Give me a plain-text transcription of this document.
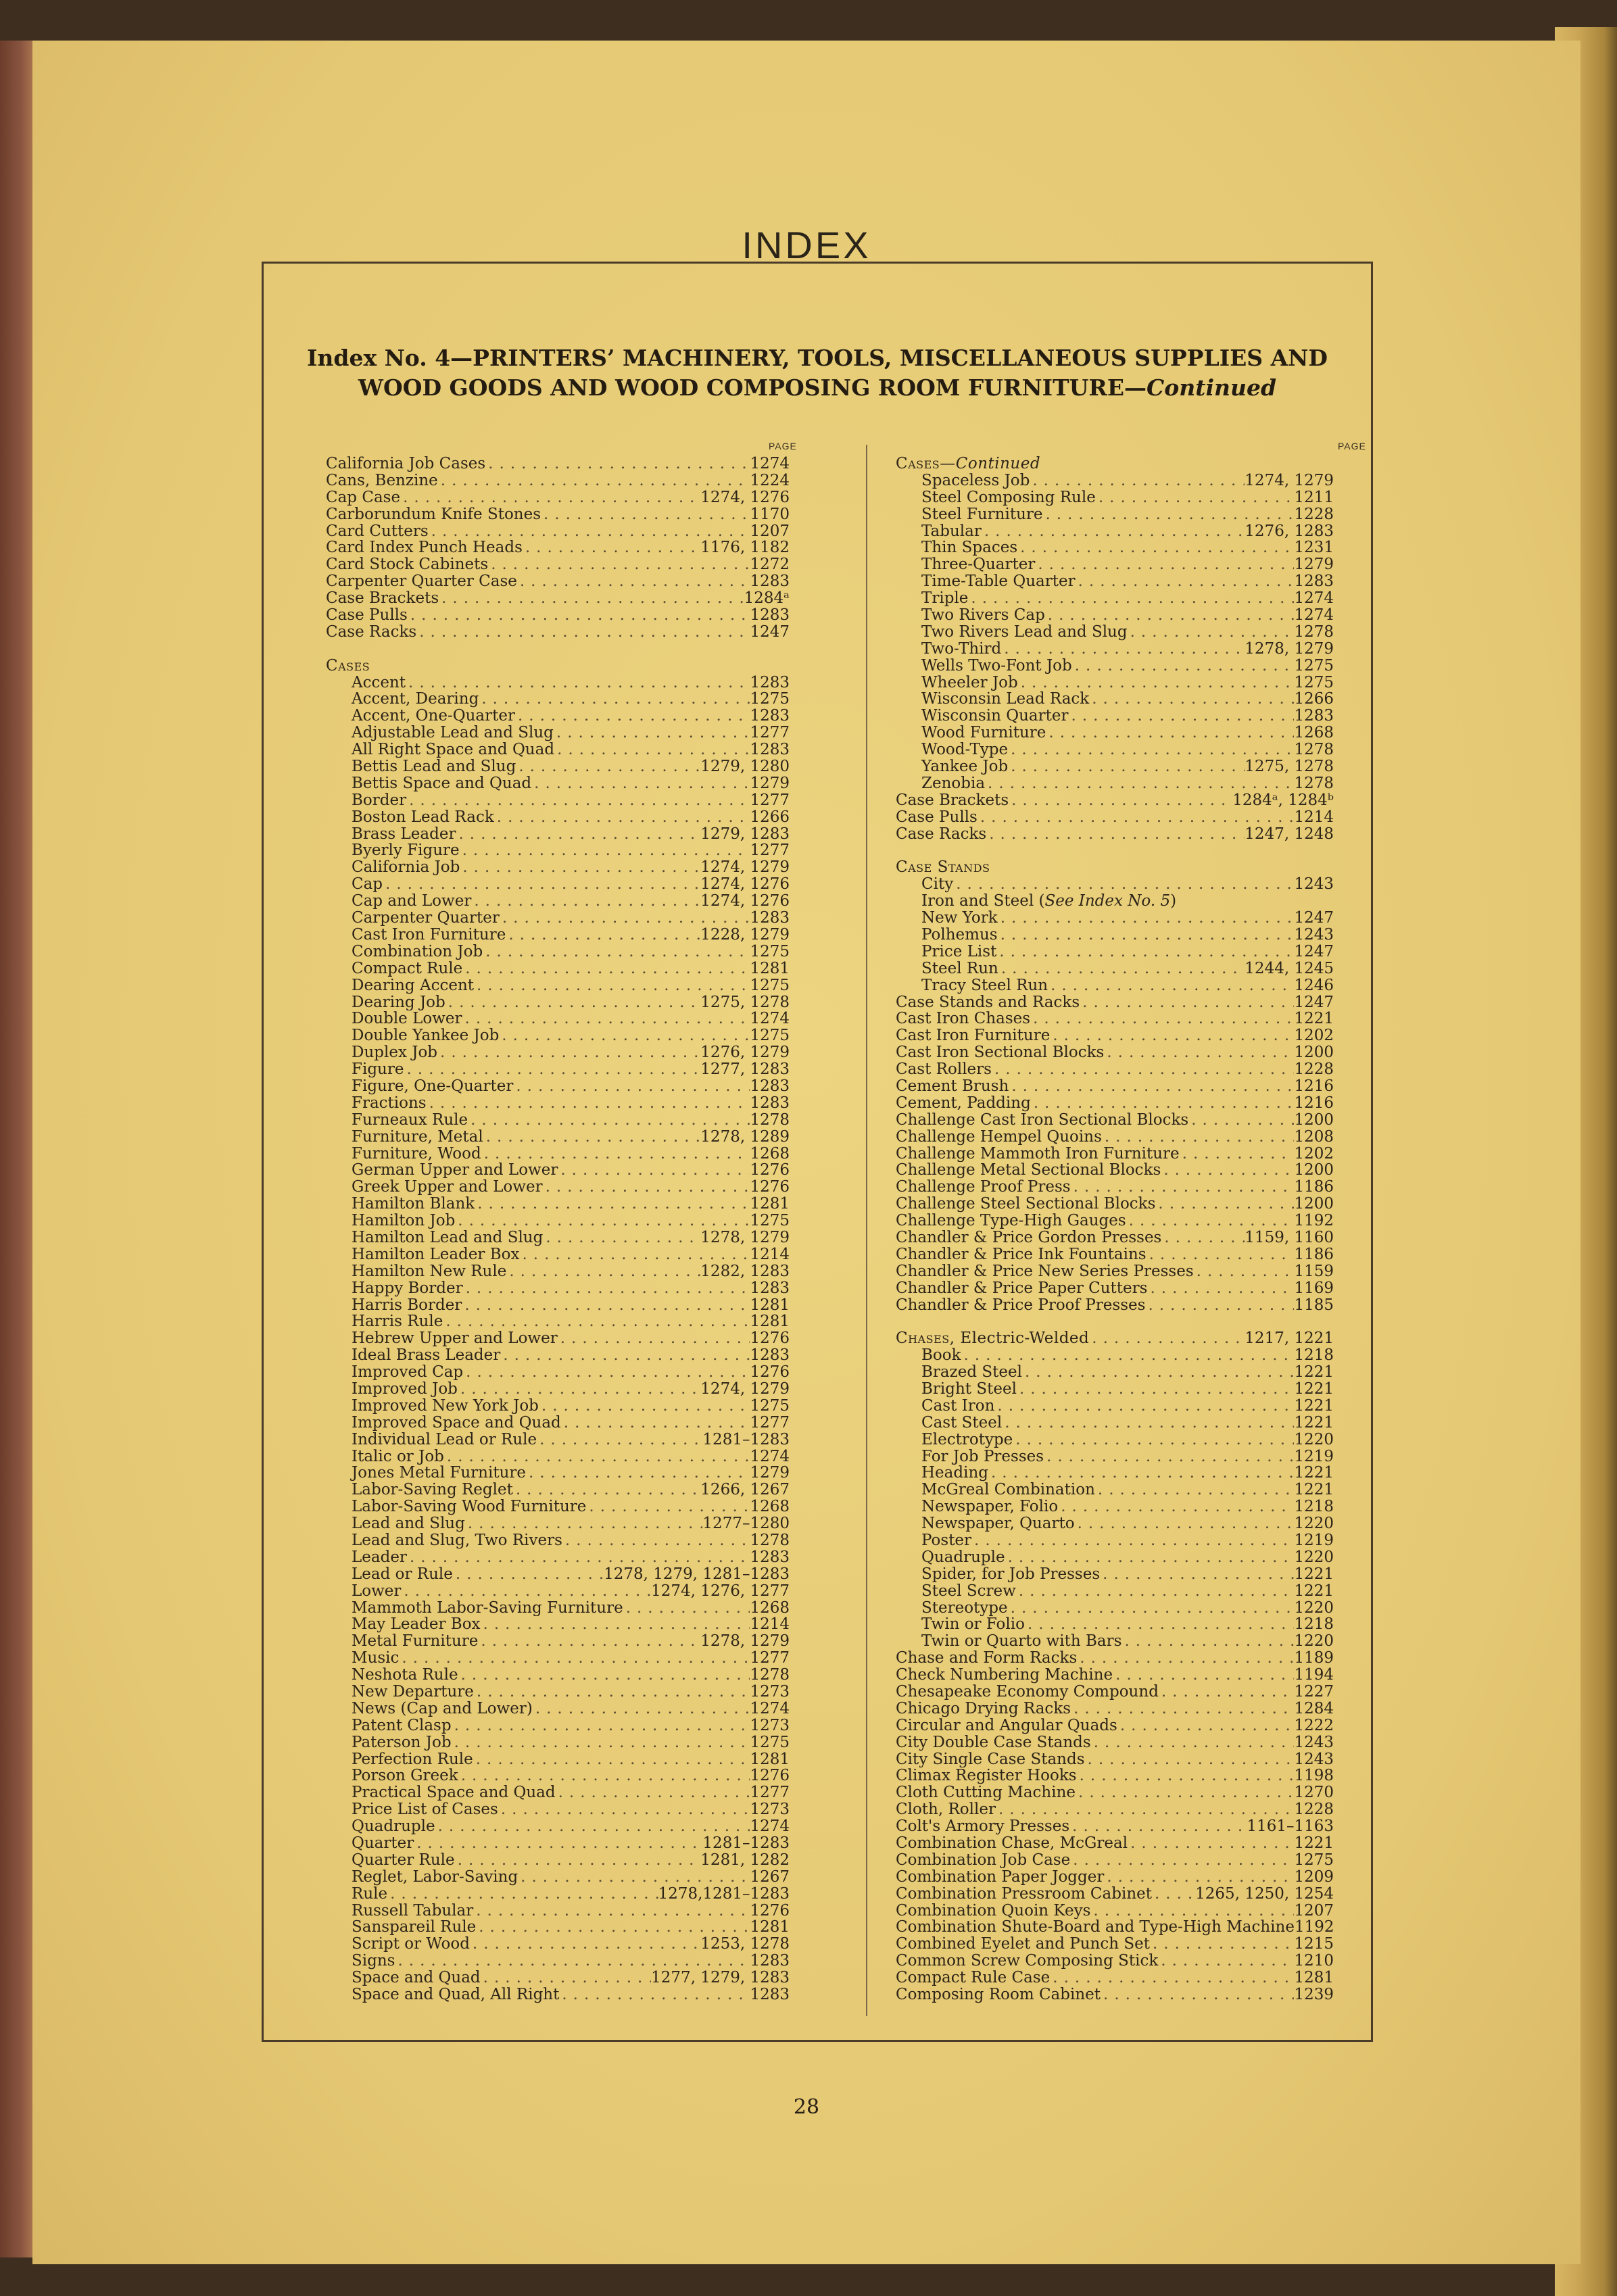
INDEX
Index No. 4—PRINTERS’ MACHINERY, TOOLS, MISCELLANEOUS SUPPLIES AND
WOOD GOODS AND WOOD COMPOSING ROOM FURNITURE—Continued
PAGE	PAGE
California Job Cases .....	1274
Cans, Benzine .....	1224
Cap Case .....	1274, 1276
Carborundum Knife Stones .....	1170
Card Cutters .....	1207
Card Index Punch Heads .....	1176, 1182
Card Stock Cabinets .....	1272
Carpenter Quarter Case .....	1283
Case Brackets .....	1284ᵃ
Case Pulls .....	1283
Case Racks .....	1247
Cases
Accent .....	1283
Accent, Dearing .....	1275
Accent, One-Quarter .....	1283
Adjustable Lead and Slug .....	1277
All Right Space and Quad .....	1283
Bettis Lead and Slug .....	1279, 1280
Bettis Space and Quad .....	1279
Border .....	1277
Boston Lead Rack .....	1266
Brass Leader .....	1279, 1283
Byerly Figure .....	1277
California Job .....	1274, 1279
Cap .....	1274, 1276
Cap and Lower .....	1274, 1276
Carpenter Quarter .....	1283
Cast Iron Furniture .....	1228, 1279
Combination Job .....	1275
Compact Rule .....	1281
Dearing Accent .....	1275
Dearing Job .....	1275, 1278
Double Lower .....	1274
Double Yankee Job .....	1275
Duplex Job .....	1276, 1279
Figure .....	1277, 1283
Figure, One-Quarter .....	1283
Fractions .....	1283
Furneaux Rule .....	1278
Furniture, Metal .....	1278, 1289
Furniture, Wood .....	1268
German Upper and Lower .....	1276
Greek Upper and Lower .....	1276
Hamilton Blank .....	1281
Hamilton Job .....	1275
Hamilton Lead and Slug .....	1278, 1279
Hamilton Leader Box .....	1214
Hamilton New Rule .....	1282, 1283
Happy Border .....	1283
Harris Border .....	1281
Harris Rule .....	1281
Hebrew Upper and Lower .....	1276
Ideal Brass Leader .....	1283
Improved Cap .....	1276
Improved Job .....	1274, 1279
Improved New York Job .....	1275
Improved Space and Quad .....	1277
Individual Lead or Rule .....	1281–1283
Italic or Job .....	1274
Jones Metal Furniture .....	1279
Labor-Saving Reglet .....	1266, 1267
Labor-Saving Wood Furniture .....	1268
Lead and Slug .....	1277–1280
Lead and Slug, Two Rivers .....	1278
Leader .....	1283
Lead or Rule .....	1278, 1279, 1281–1283
Lower .....	1274, 1276, 1277
Mammoth Labor-Saving Furniture .....	1268
May Leader Box .....	1214
Metal Furniture .....	1278, 1279
Music .....	1277
Neshota Rule .....	1278
New Departure .....	1273
News (Cap and Lower) .....	1274
Patent Clasp .....	1273
Paterson Job .....	1275
Perfection Rule .....	1281
Porson Greek .....	1276
Practical Space and Quad .....	1277
Price List of Cases .....	1273
Quadruple .....	1274
Quarter .....	1281–1283
Quarter Rule .....	1281, 1282
Reglet, Labor-Saving .....	1267
Rule .....	1278,1281–1283
Russell Tabular .....	1276
Sanspareil Rule .....	1281
Script or Wood .....	1253, 1278
Signs .....	1283
Space and Quad .....	1277, 1279, 1283
Space and Quad, All Right .....	1283
Cases—Continued
Spaceless Job .....	1274, 1279
Steel Composing Rule .....	1211
Steel Furniture .....	1228
Tabular .....	1276, 1283
Thin Spaces .....	1231
Three-Quarter .....	1279
Time-Table Quarter .....	1283
Triple .....	1274
Two Rivers Cap .....	1274
Two Rivers Lead and Slug .....	1278
Two-Third .....	1278, 1279
Wells Two-Font Job .....	1275
Wheeler Job .....	1275
Wisconsin Lead Rack .....	1266
Wisconsin Quarter .....	1283
Wood Furniture .....	1268
Wood-Type .....	1278
Yankee Job .....	1275, 1278
Zenobia .....	1278
Case Brackets .....	1284ᵃ, 1284ᵇ
Case Pulls .....	1214
Case Racks .....	1247, 1248
Case Stands
City .....	1243
Iron and Steel (See Index No. 5)
New York .....	1247
Polhemus .....	1243
Price List .....	1247
Steel Run .....	1244, 1245
Tracy Steel Run .....	1246
Case Stands and Racks .....	1247
Cast Iron Chases .....	1221
Cast Iron Furniture .....	1202
Cast Iron Sectional Blocks .....	1200
Cast Rollers .....	1228
Cement Brush .....	1216
Cement, Padding .....	1216
Challenge Cast Iron Sectional Blocks .....	1200
Challenge Hempel Quoins .....	1208
Challenge Mammoth Iron Furniture .....	1202
Challenge Metal Sectional Blocks .....	1200
Challenge Proof Press .....	1186
Challenge Steel Sectional Blocks .....	1200
Challenge Type-High Gauges .....	1192
Chandler & Price Gordon Presses .....	1159, 1160
Chandler & Price Ink Fountains .....	1186
Chandler & Price New Series Presses .....	1159
Chandler & Price Paper Cutters .....	1169
Chandler & Price Proof Presses .....	1185
Chases, Electric-Welded .....	1217, 1221
Book .....	1218
Brazed Steel .....	1221
Bright Steel .....	1221
Cast Iron .....	1221
Cast Steel .....	1221
Electrotype .....	1220
For Job Presses .....	1219
Heading .....	1221
McGreal Combination .....	1221
Newspaper, Folio .....	1218
Newspaper, Quarto .....	1220
Poster .....	1219
Quadruple .....	1220
Spider, for Job Presses .....	1221
Steel Screw .....	1221
Stereotype .....	1220
Twin or Folio .....	1218
Twin or Quarto with Bars .....	1220
Chase and Form Racks .....	1189
Check Numbering Machine .....	1194
Chesapeake Economy Compound .....	1227
Chicago Drying Racks .....	1284
Circular and Angular Quads .....	1222
City Double Case Stands .....	1243
City Single Case Stands .....	1243
Climax Register Hooks .....	1198
Cloth Cutting Machine .....	1270
Cloth, Roller .....	1228
Colt's Armory Presses .....	1161–1163
Combination Chase, McGreal .....	1221
Combination Job Case .....	1275
Combination Paper Jogger .....	1209
Combination Pressroom Cabinet .....	1265, 1250, 1254
Combination Quoin Keys .....	1207
Combination Shute-Board and Type-High Machine 1192
Combined Eyelet and Punch Set .....	1215
Common Screw Composing Stick .....	1210
Compact Rule Case .....	1281
Composing Room Cabinet .....	1239
28
